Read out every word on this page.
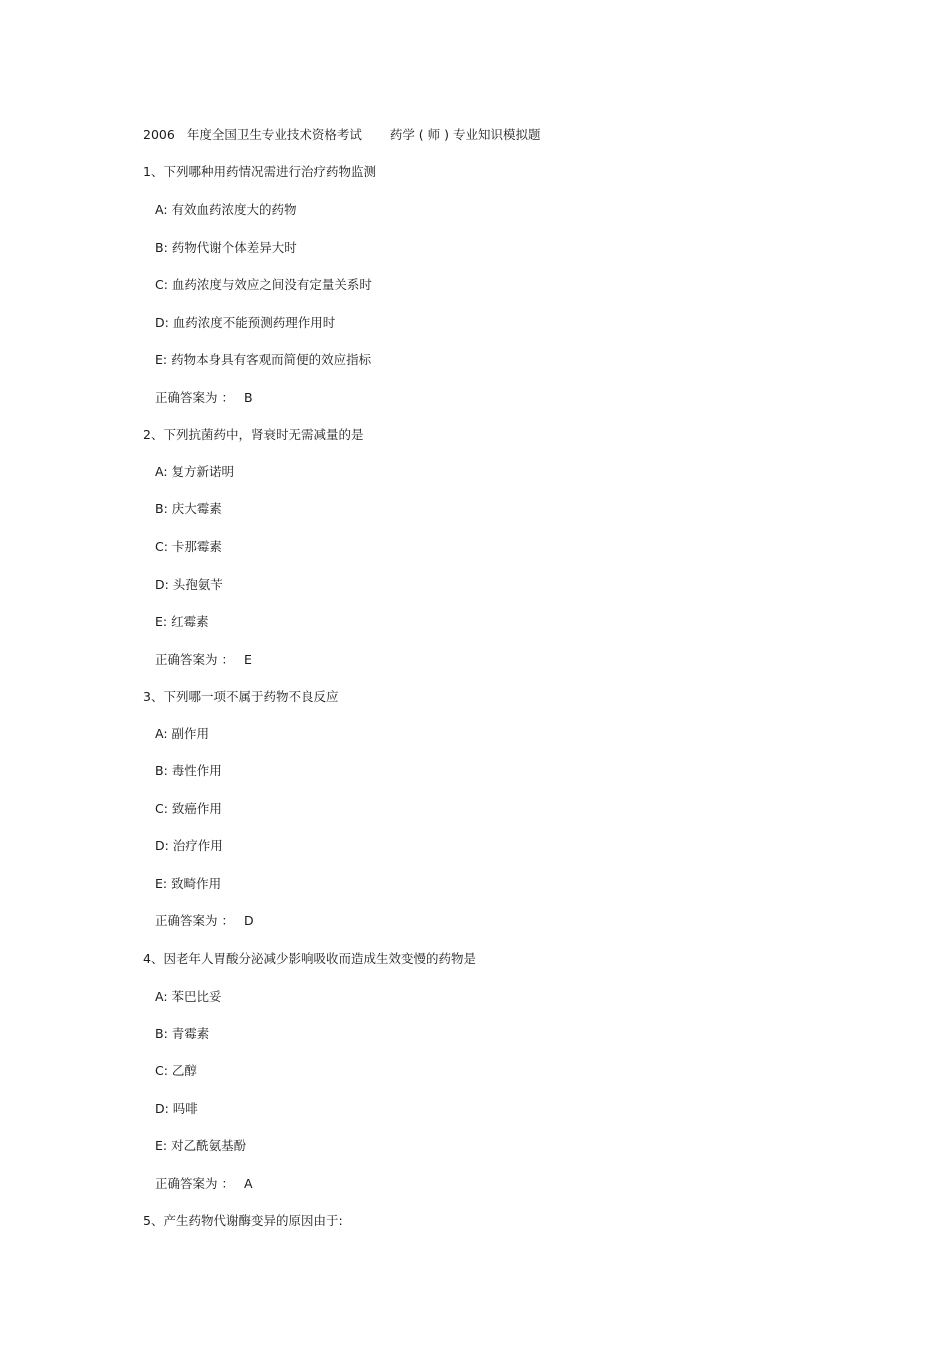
2006 年度全国卫生专业技术资格考试 药学 ( 师 ) 专业知识模拟题
1、下列哪种用药情况需进行治疗药物监测
A: 有效血药浓度大的药物
B: 药物代谢个体差异大时
C: 血药浓度与效应之间没有定量关系时
D: 血药浓度不能预测药理作用时
E: 药物本身具有客观而简便的效应指标
正确答案为 ： B
2、下列抗菌药中，肾衰时无需减量的是
A: 复方新诺明
B: 庆大霉素
C: 卡那霉素
D: 头孢氨苄
E: 红霉素
正确答案为 ： E
3、下列哪一项不属于药物不良反应
A: 副作用
B: 毒性作用
C: 致癌作用
D: 治疗作用
E: 致畸作用
正确答案为 ： D
4、因老年人胃酸分泌减少影响吸收而造成生效变慢的药物是
A: 苯巴比妥
B: 青霉素
C: 乙醇
D: 吗啡
E: 对乙酰氨基酚
正确答案为 ： A
5、产生药物代谢酶变异的原因由于:
